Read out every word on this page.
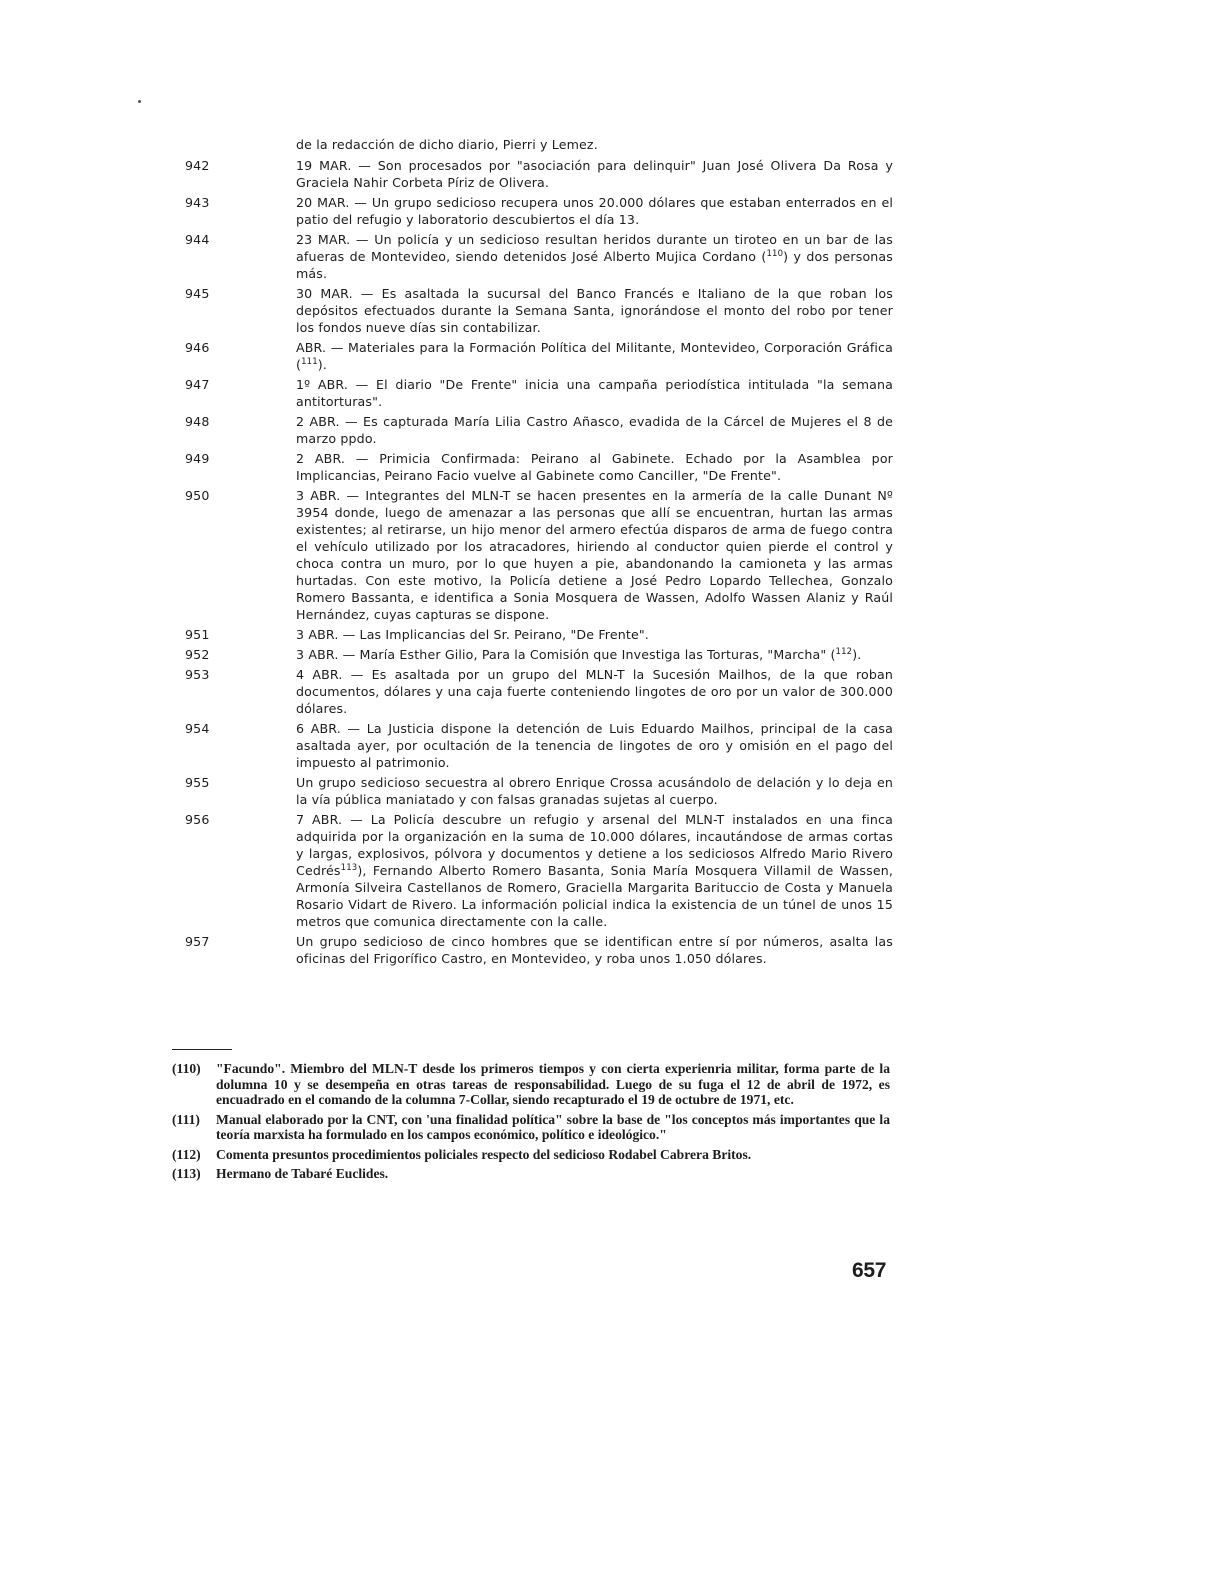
de la redacción de dicho diario, Pierri y Lemez.
942	19 MAR. — Son procesados por "asociación para delinquir" Juan José Olivera Da Rosa y Graciela Nahir Corbeta Píriz de Olivera.
943	20 MAR. — Un grupo sedicioso recupera unos 20.000 dólares que estaban enterrados en el patio del refugio y laboratorio descubiertos el día 13.
944	23 MAR. — Un policía y un sedicioso resultan heridos durante un tiroteo en un bar de las afueras de Montevideo, siendo detenidos José Alberto Mujica Cordano ($^{110}$) y dos personas más.
945	30 MAR. — Es asaltada la sucursal del Banco Francés e Italiano de la que roban los depósitos efectuados durante la Semana Santa, ignorándose el monto del robo por tener los fondos nueve días sin contabilizar.
946	ABR. — Materiales para la Formación Política del Militante, Montevideo, Corporación Gráfica ($^{111}$).
947	1º ABR. — El diario "De Frente" inicia una campaña periodística intitulada "la semana antitorturas".
948	2 ABR. — Es capturada María Lilia Castro Añasco, evadida de la Cárcel de Mujeres el 8 de marzo ppdo.
949	2 ABR. — Primicia Confirmada: Peirano al Gabinete. Echado por la Asamblea por Implicancias, Peirano Facio vuelve al Gabinete como Canciller, "De Frente".
950	3 ABR. — Integrantes del MLN-T se hacen presentes en la armería de la calle Dunant Nº 3954 donde, luego de amenazar a las personas que allí se encuentran, hurtan las armas existentes; al retirarse, un hijo menor del armero efectúa disparos de arma de fuego contra el vehículo utilizado por los atracadores, hiriendo al conductor quien pierde el control y choca contra un muro, por lo que huyen a pie, abandonando la camioneta y las armas hurtadas. Con este motivo, la Policía detiene a José Pedro Lopardo Tellechea, Gonzalo Romero Bassanta, e identifica a Sonia Mosquera de Wassen, Adolfo Wassen Alaniz y Raúl Hernández, cuyas capturas se dispone.
951	3 ABR. — Las Implicancias del Sr. Peirano, "De Frente".
952	3 ABR. — María Esther Gilio, Para la Comisión que Investiga las Torturas, "Marcha" ($^{112}$).
953	4 ABR. — Es asaltada por un grupo del MLN-T la Sucesión Mailhos, de la que roban documentos, dólares y una caja fuerte conteniendo lingotes de oro por un valor de 300.000 dólares.
954	6 ABR. — La Justicia dispone la detención de Luis Eduardo Mailhos, principal de la casa asaltada ayer, por ocultación de la tenencia de lingotes de oro y omisión en el pago del impuesto al patrimonio.
955	Un grupo sedicioso secuestra al obrero Enrique Crossa acusándolo de delación y lo deja en la vía pública maniatado y con falsas granadas sujetas al cuerpo.
956	7 ABR. — La Policía descubre un refugio y arsenal del MLN-T instalados en una finca adquirida por la organización en la suma de 10.000 dólares, incautándose de armas cortas y largas, explosivos, pólvora y documentos y detiene a los sediciosos Alfredo Mario Rivero Cedrés$^{113}$), Fernando Alberto Romero Basanta, Sonia María Mosquera Villamil de Wassen, Armonía Silveira Castellanos de Romero, Graciella Margarita Barituccio de Costa y Manuela Rosario Vidart de Rivero. La información policial indica la existencia de un túnel de unos 15 metros que comunica directamente con la calle.
957	Un grupo sedicioso de cinco hombres que se identifican entre sí por números, asalta las oficinas del Frigorífico Castro, en Montevideo, y roba unos 1.050 dólares.
(110) "Facundo". Miembro del MLN-T desde los primeros tiempos y con cierta experienria militar, forma parte de la dolumna 10 y se desempeña en otras tareas de responsabilidad. Luego de su fuga el 12 de abril de 1972, es encuadrado en el comando de la columna 7-Collar, siendo recapturado el 19 de octubre de 1971, etc.
(111) Manual elaborado por la CNT, con 'una finalidad política" sobre la base de "los conceptos más importantes que la teoría marxista ha formulado en los campos económico, político e ideológico."
(112) Comenta presuntos procedimientos policiales respecto del sedicioso Rodabel Cabrera Britos.
(113) Hermano de Tabaré Euclides.
657
